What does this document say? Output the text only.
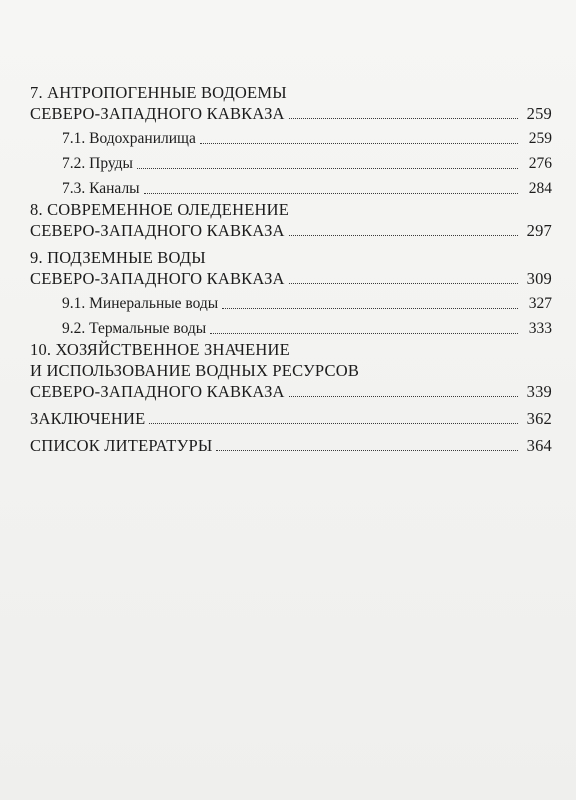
7. АНТРОПОГЕННЫЕ ВОДОЕМЫ
СЕВЕРО-ЗАПАДНОГО КАВКАЗА	259
7.1. Водохранилища	259
7.2. Пруды	276
7.3. Каналы	284
8. СОВРЕМЕННОЕ ОЛЕДЕНЕНИЕ
СЕВЕРО-ЗАПАДНОГО КАВКАЗА	297
9. ПОДЗЕМНЫЕ ВОДЫ
СЕВЕРО-ЗАПАДНОГО КАВКАЗА	309
9.1. Минеральные воды	327
9.2. Термальные воды	333
10. ХОЗЯЙСТВЕННОЕ ЗНАЧЕНИЕ
И ИСПОЛЬЗОВАНИЕ ВОДНЫХ РЕСУРСОВ
СЕВЕРО-ЗАПАДНОГО КАВКАЗА	339
ЗАКЛЮЧЕНИЕ	362
СПИСОК ЛИТЕРАТУРЫ	364
